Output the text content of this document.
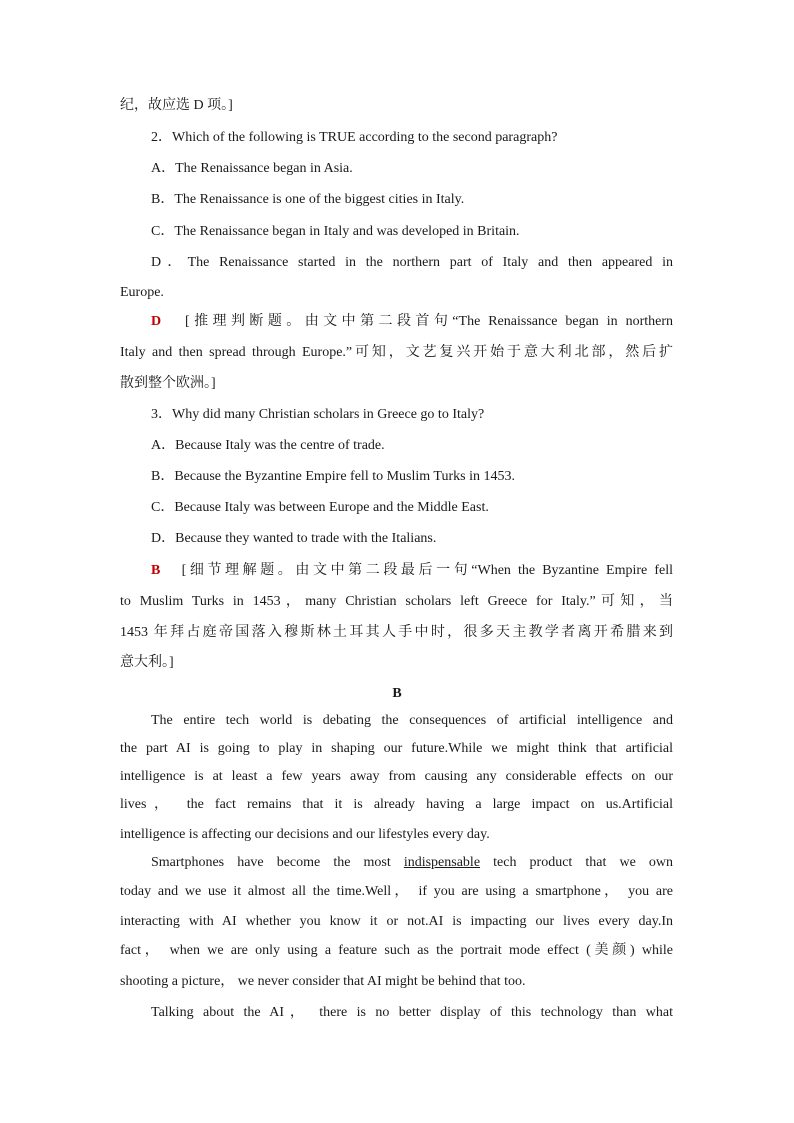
纪，故应选 D 项。]
2．Which of the following is TRUE according to the second paragraph?
A．The Renaissance began in Asia.
B．The Renaissance is one of the biggest cities in Italy.
C．The Renaissance began in Italy and was developed in Britain.
D．The Renaissance started in the northern part of Italy and then appeared in
Europe.
D [推理判断题。由文中第二段首句“The Renaissance began in northern
Italy and then spread through Europe.”可知，文艺复兴开始于意大利北部，然后扩
散到整个欧洲。]
3．Why did many Christian scholars in Greece go to Italy?
A．Because Italy was the centre of trade.
B．Because the Byzantine Empire fell to Muslim Turks in 1453.
C．Because Italy was between Europe and the Middle East.
D．Because they wanted to trade with the Italians.
B [细节理解题。由文中第二段最后一句“When the Byzantine Empire fell
to Muslim Turks in 1453，many Christian scholars left Greece for Italy.”可知，当
1453 年拜占庭帝国落入穆斯林土耳其人手中时，很多天主教学者离开希腊来到
意大利。]
B
The entire tech world is debating the consequences of artificial intelligence and
the part AI is going to play in shaping our future.While we might think that artificial
intelligence is at least a few years away from causing any considerable effects on our
lives， the fact remains that it is already having a large impact on us.Artificial
intelligence is affecting our decisions and our lifestyles every day.
Smartphones have become the most indispensable tech product that we own
today and we use it almost all the time.Well， if you are using a smartphone， you are
interacting with AI whether you know it or not.AI is impacting our lives every day.In
fact， when we are only using a feature such as the portrait mode effect (美颜) while
shooting a picture， we never consider that AI might be behind that too.
Talking about the AI， there is no better display of this technology than what
